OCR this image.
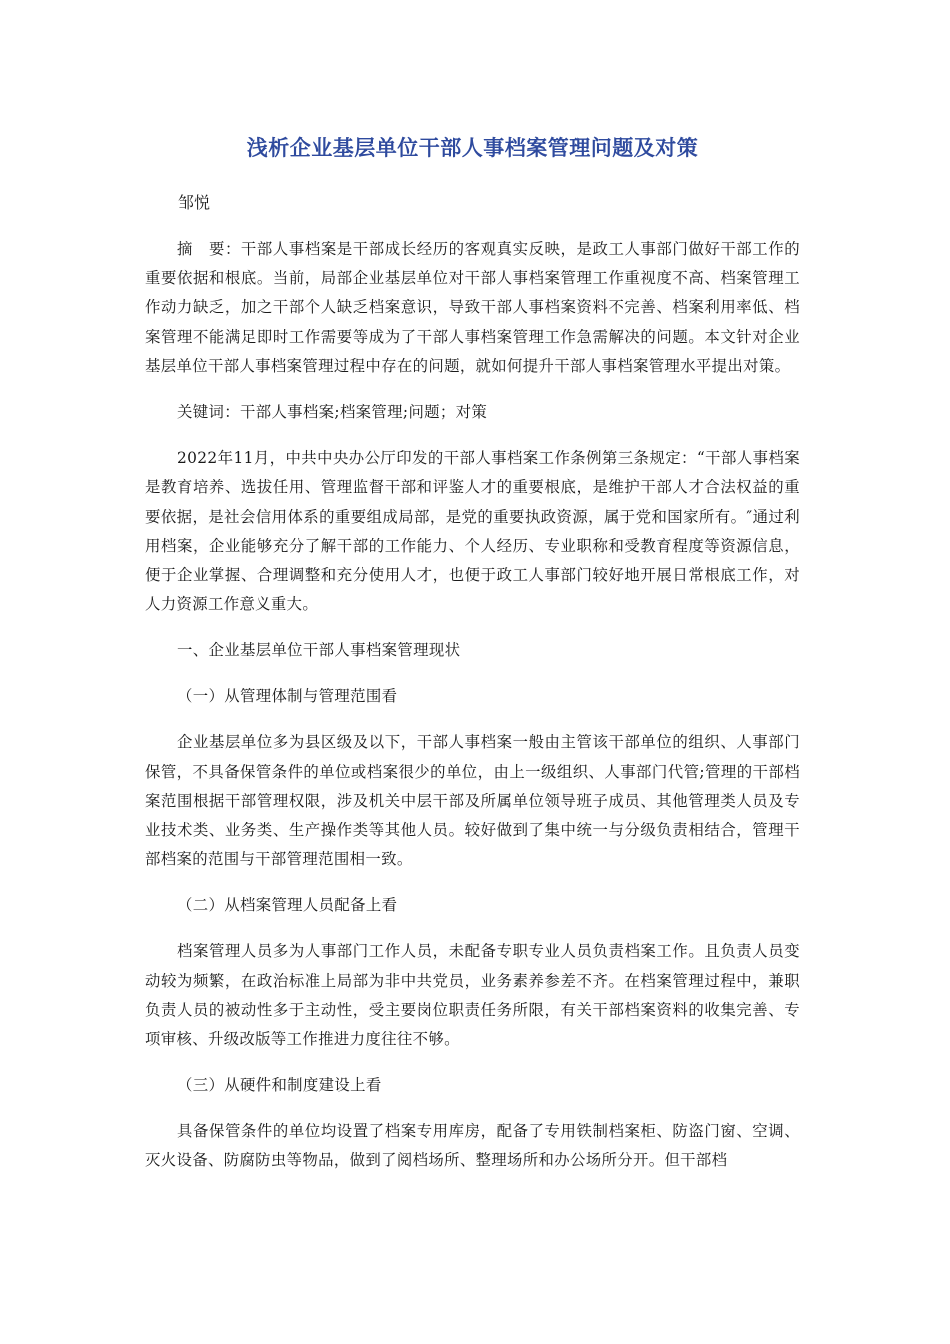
浅析企业基层单位干部人事档案管理问题及对策

邹悦

摘　要：干部人事档案是干部成长经历的客观真实反映，是政工人事部门做好干部工作的重要依据和根底。当前，局部企业基层单位对干部人事档案管理工作重视度不高、档案管理工作动力缺乏，加之干部个人缺乏档案意识，导致干部人事档案资料不完善、档案利用率低、档案管理不能满足即时工作需要等成为了干部人事档案管理工作急需解决的问题。本文针对企业基层单位干部人事档案管理过程中存在的问题，就如何提升干部人事档案管理水平提出对策。

关键词：干部人事档案;档案管理;问题；对策

2022年11月，中共中央办公厅印发的干部人事档案工作条例第三条规定：“干部人事档案是教育培养、选拔任用、管理监督干部和评鉴人才的重要根底，是维护干部人才合法权益的重要依据，是社会信用体系的重要组成局部，是党的重要执政资源，属于党和国家所有。″通过利用档案，企业能够充分了解干部的工作能力、个人经历、专业职称和受教育程度等资源信息，便于企业掌握、合理调整和充分使用人才，也便于政工人事部门较好地开展日常根底工作，对人力资源工作意义重大。

一、企业基层单位干部人事档案管理现状

（一）从管理体制与管理范围看

企业基层单位多为县区级及以下，干部人事档案一般由主管该干部单位的组织、人事部门保管，不具备保管条件的单位或档案很少的单位，由上一级组织、人事部门代管;管理的干部档案范围根据干部管理权限，涉及机关中层干部及所属单位领导班子成员、其他管理类人员及专业技术类、业务类、生产操作类等其他人员。较好做到了集中统一与分级负责相结合，管理干部档案的范围与干部管理范围相一致。

（二）从档案管理人员配备上看

档案管理人员多为人事部门工作人员，未配备专职专业人员负责档案工作。且负责人员变动较为频繁，在政治标准上局部为非中共党员，业务素养参差不齐。在档案管理过程中，兼职负责人员的被动性多于主动性，受主要岗位职责任务所限，有关干部档案资料的收集完善、专项审核、升级改版等工作推进力度往往不够。

（三）从硬件和制度建设上看

具备保管条件的单位均设置了档案专用库房，配备了专用铁制档案柜、防盗门窗、空调、灭火设备、防腐防虫等物品，做到了阅档场所、整理场所和办公场所分开。但干部档
